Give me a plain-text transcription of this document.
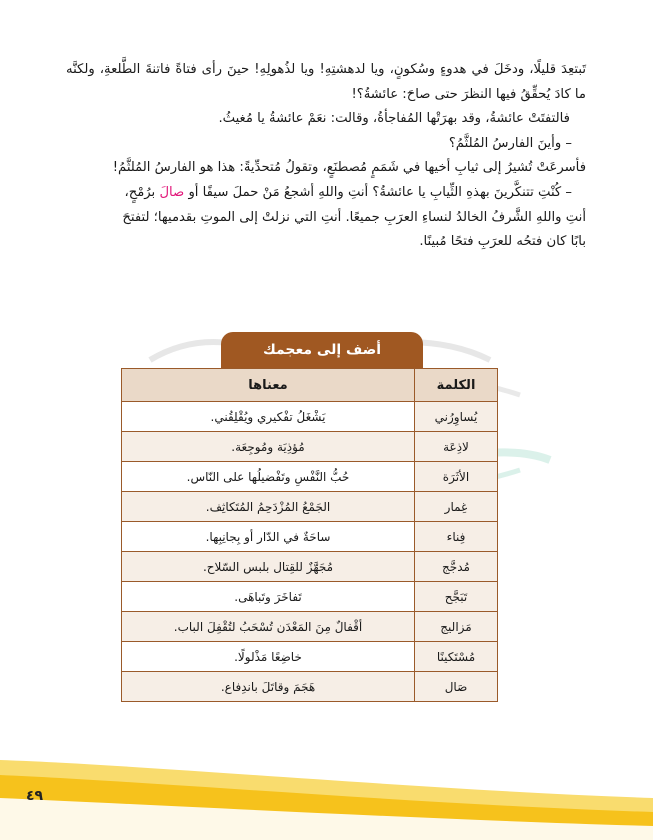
تَبتعِدَ قليلًا، ودخَلَ في هدوءٍ وسُكونٍ، ويا لدهشتِهِ! ويا لذُهولِهِ! حينَ رأى فتاةً فاتنةَ الطَّلعةِ، ولكنَّه ما كادَ يُحقِّقُ فيها النظرَ حتى صاحَ: عائشةُ؟!

فالتفتَتْ عائشةُ، وقد بهرَتْها المُفاجأةُ، وقالت: نعَمْ عائشةُ يا مُغيثُ.

– وأينَ الفارسُ المُلثَّمُ؟

فأسرعَتْ تُشيرُ إلى ثيابِ أخيها في شَمَمٍ مُصطنَعٍ، وتقولُ مُتحدِّيةً: هذا هو الفارسُ المُلثَّمُ!

– كُنْتِ تتنكَّرينَ بهذهِ الثِّيابِ يا عائشةُ؟ أنتِ واللهِ أشجعُ مَنْ حملَ سيفًا أو صالَ برُمْحٍ،

أنتِ واللهِ الشَّرفُ الخالدُ لنساءِ العرَبِ جميعًا. أنتِ التي نزلتْ إلى الموتِ بقدميها؛ لتفتحَ

بابًا كان فتحُه للعرَبِ فتحًا مُبينًا.

أضف إلى معجمك
الكلمة	معناها
يُساوِرُني	يَشْغَلُ تفْكيري ويُقْلِقُني.
لاذِعَة	مُؤذِيَة ومُوجِعَة.
الأثَرَة	حُبُّ النَّفْسِ وتَفْضيلُها على النّاس.
غِمار	الجَمْعُ المُزْدَحِمُ المُتَكاثِف.
فِناء	ساحَةٌ في الدّار أو بِجانِبِها.
مُدجَّج	مُجَهَّزٌ للقِتال بلبس السّلاح.
تَبَجَّح	تَفاخَرَ وتَباهَى.
مَزاليج	أقْفالٌ مِنَ المَعْدَن تُسْحَبُ لتُقْفِلَ الباب.
مُسْتَكينًا	خاضِعًا مَذْلولًا.
صَال	هَجَمَ وقاتَلَ باندِفاع.
٤٩
